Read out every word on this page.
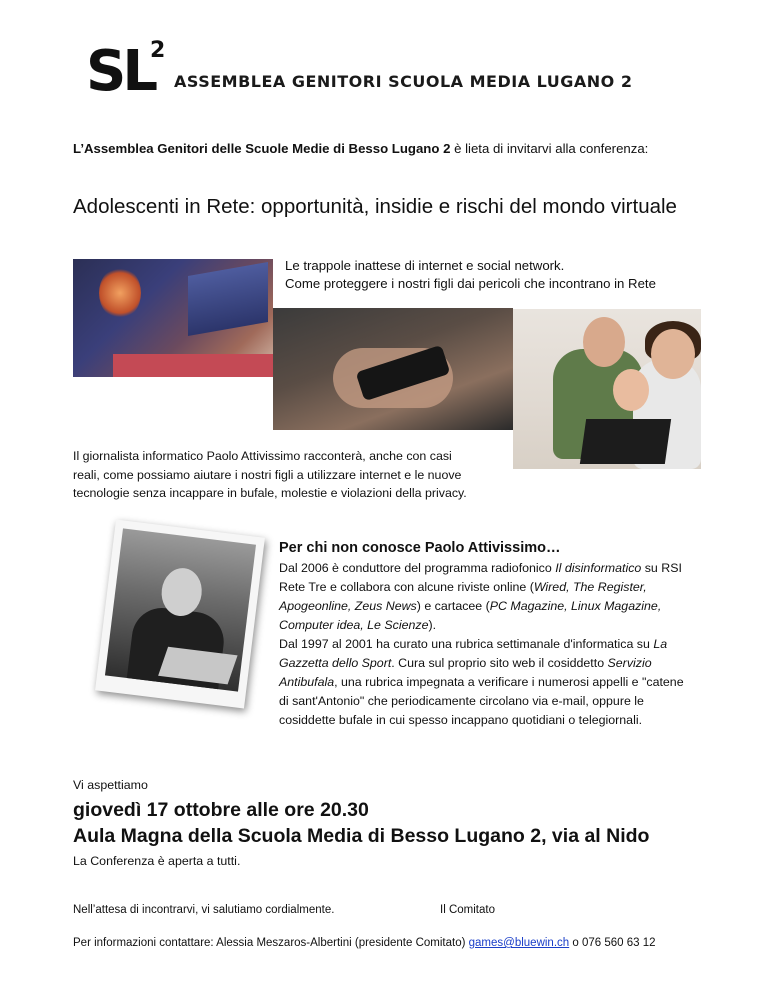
SL
2
ASSEMBLEA GENITORI SCUOLA MEDIA LUGANO 2
L’Assemblea Genitori delle Scuole Medie di Besso Lugano 2 è lieta di invitarvi alla conferenza:
Adolescenti in Rete: opportunità, insidie e rischi del mondo virtuale
Le trappole inattese di internet e social network.
Come proteggere i nostri figli dai pericoli che incontrano in Rete
Il giornalista informatico Paolo Attivissimo racconterà, anche con casi
reali, come possiamo aiutare i nostri figli a utilizzare internet e le nuove
tecnologie senza incappare in bufale, molestie e violazioni della privacy.
Per chi non conosce Paolo Attivissimo…
Dal 2006 è conduttore del programma radiofonico Il disinformatico su RSI
Rete Tre e collabora con alcune riviste online (Wired, The Register,
Apogeonline, Zeus News) e cartacee (PC Magazine, Linux Magazine,
Computer idea, Le Scienze).
Dal 1997 al 2001 ha curato una rubrica settimanale d'informatica su La
Gazzetta dello Sport. Cura sul proprio sito web il cosiddetto Servizio
Antibufala, una rubrica impegnata a verificare i numerosi appelli e "catene
di sant'Antonio" che periodicamente circolano via e-mail, oppure le
cosiddette bufale in cui spesso incappano quotidiani o telegiornali.
Vi aspettiamo
giovedì 17 ottobre alle ore 20.30
Aula Magna della Scuola Media di Besso Lugano 2, via al Nido
La Conferenza è aperta a tutti.
Nell’attesa di incontrarvi, vi salutiamo cordialmente.	Il Comitato
Per informazioni contattare: Alessia Meszaros-Albertini (presidente Comitato) games@bluewin.ch o 076 560 63 12
